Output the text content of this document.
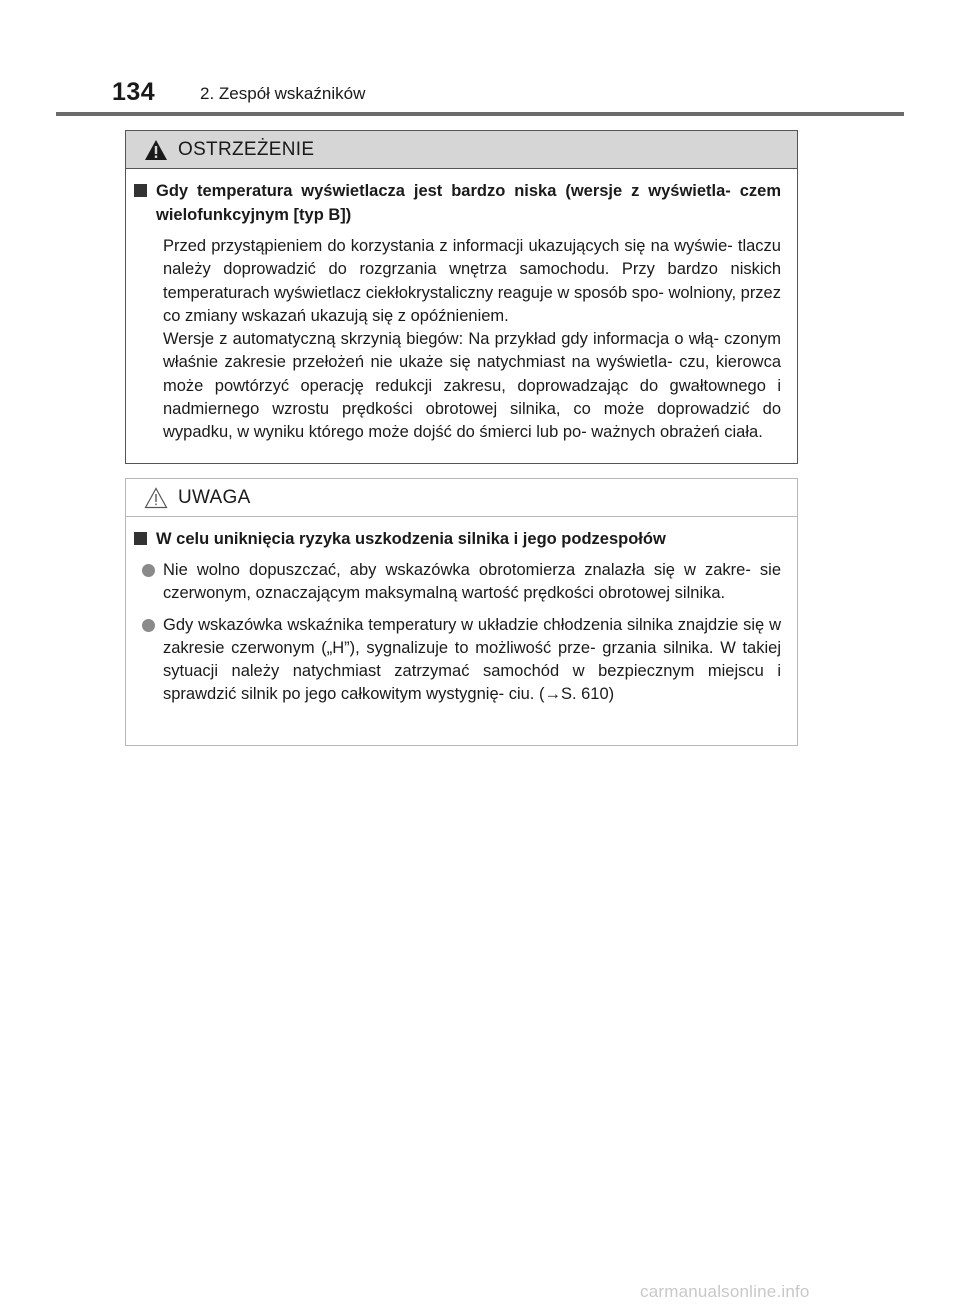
134	2. Zespół wskaźników
OSTRZEŻENIE
Gdy temperatura wyświetlacza jest bardzo niska (wersje z wyświetla- czem wielofunkcyjnym [typ B])

Przed przystąpieniem do korzystania z informacji ukazujących się na wyświe- tlaczu należy doprowadzić do rozgrzania wnętrza samochodu. Przy bardzo niskich temperaturach wyświetlacz ciekłokrystaliczny reaguje w sposób spo- wolniony, przez co zmiany wskazań ukazują się z opóźnieniem.

Wersje z automatyczną skrzynią biegów: Na przykład gdy informacja o włą- czonym właśnie zakresie przełożeń nie ukaże się natychmiast na wyświetla- czu, kierowca może powtórzyć operację redukcji zakresu, doprowadzając do gwałtownego i nadmiernego wzrostu prędkości obrotowej silnika, co może doprowadzić do wypadku, w wyniku którego może dojść do śmierci lub po- ważnych obrażeń ciała.

UWAGA
W celu uniknięcia ryzyka uszkodzenia silnika i jego podzespołów
Nie wolno dopuszczać, aby wskazówka obrotomierza znalazła się w zakre- sie czerwonym, oznaczającym maksymalną wartość prędkości obrotowej silnika.
Gdy wskazówka wskaźnika temperatury w układzie chłodzenia silnika znajdzie się w zakresie czerwonym („H”), sygnalizuje to możliwość prze- grzania silnika. W takiej sytuacji należy natychmiast zatrzymać samochód w bezpiecznym miejscu i sprawdzić silnik po jego całkowitym wystygnię- ciu. (→S. 610)
carmanualsonline.info
